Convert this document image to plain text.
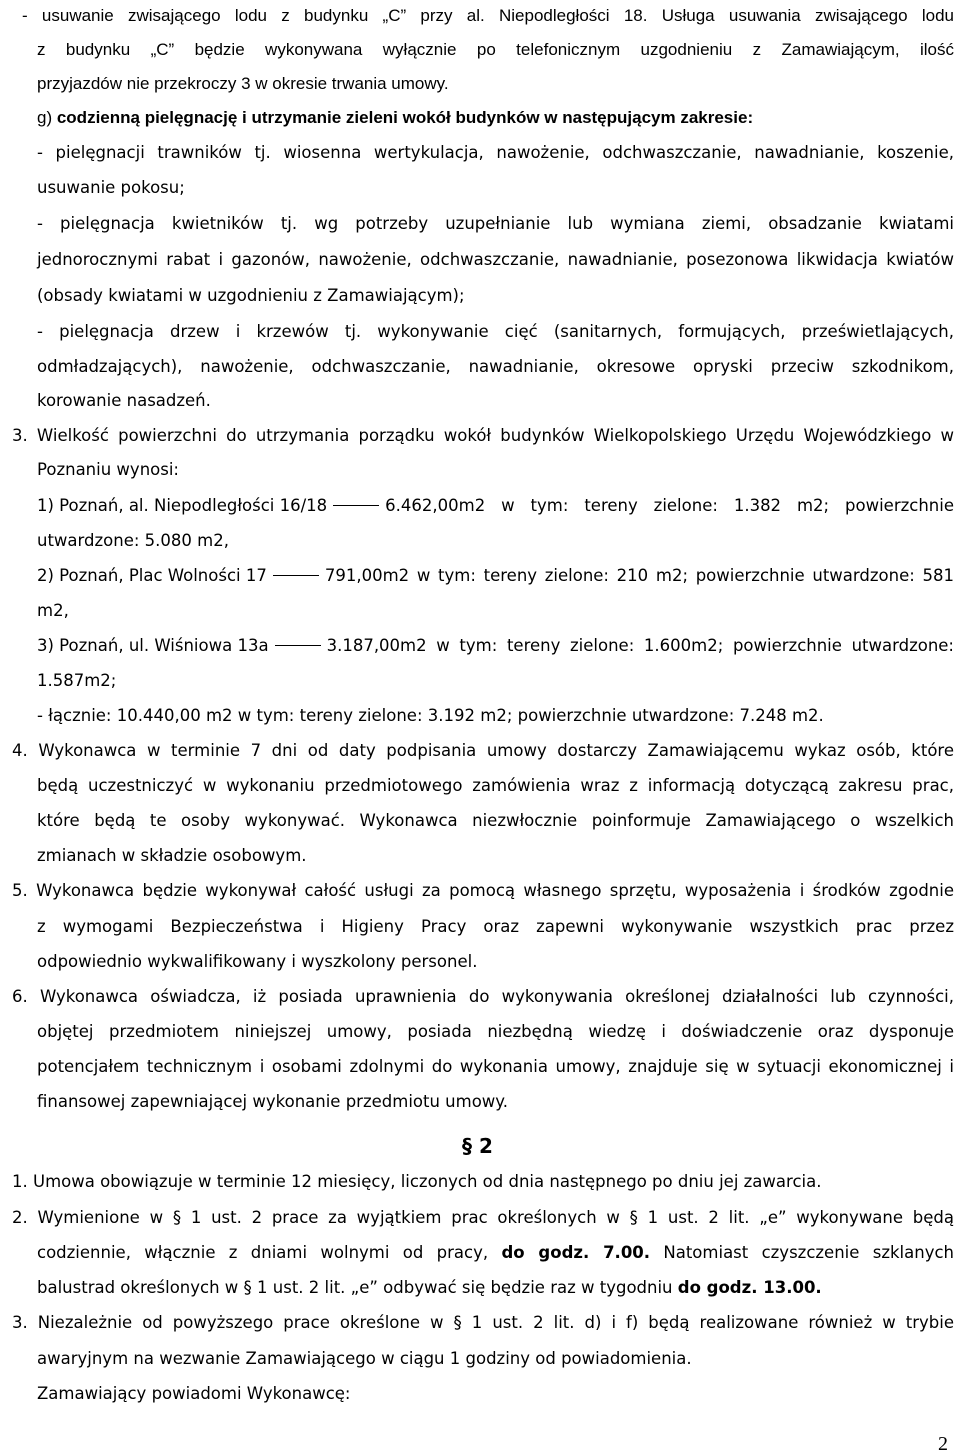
- usuwanie zwisającego lodu z budynku „C” przy al. Niepodległości 18. Usługa usuwania zwisającego lodu
z budynku „C” będzie wykonywana wyłącznie po telefonicznym uzgodnieniu z Zamawiającym, ilość
przyjazdów nie przekroczy 3 w okresie trwania umowy.
g) codzienną pielęgnację i utrzymanie zieleni wokół budynków w następującym zakresie:
- pielęgnacji trawników tj. wiosenna wertykulacja, nawożenie, odchwaszczanie, nawadnianie, koszenie,
usuwanie pokosu;
- pielęgnacja kwietników tj. wg potrzeby uzupełnianie lub wymiana ziemi, obsadzanie kwiatami
jednorocznymi rabat i gazonów, nawożenie, odchwaszczanie, nawadnianie, posezonowa likwidacja kwiatów
(obsady kwiatami w uzgodnieniu z Zamawiającym);
- pielęgnacja drzew i krzewów tj. wykonywanie cięć (sanitarnych, formujących, prześwietlających,
odmładzających), nawożenie, odchwaszczanie, nawadnianie, okresowe opryski przeciw szkodnikom,
korowanie nasadzeń.
3. Wielkość powierzchni do utrzymania porządku wokół budynków Wielkopolskiego Urzędu Wojewódzkiego w
Poznaniu wynosi:
1) Poznań, al. Niepodległości 16/18	6.462,00m2 w tym: tereny zielone: 1.382 m2; powierzchnie
utwardzone: 5.080 m2,
2) Poznań, Plac Wolności 17	791,00m2 w tym: tereny zielone: 210 m2; powierzchnie utwardzone: 581
m2,
3) Poznań, ul. Wiśniowa 13a	3.187,00m2 w tym: tereny zielone: 1.600m2; powierzchnie utwardzone:
1.587m2;
- łącznie: 10.440,00 m2 w tym: tereny zielone: 3.192 m2; powierzchnie utwardzone: 7.248 m2.
4. Wykonawca w terminie 7 dni od daty podpisania umowy dostarczy Zamawiającemu wykaz osób, które
będą uczestniczyć w wykonaniu przedmiotowego zamówienia wraz z informacją dotyczącą zakresu prac,
które będą te osoby wykonywać. Wykonawca niezwłocznie poinformuje Zamawiającego o wszelkich
zmianach w składzie osobowym.
5. Wykonawca będzie wykonywał całość usługi za pomocą własnego sprzętu, wyposażenia i środków zgodnie
z wymogami Bezpieczeństwa i Higieny Pracy oraz zapewni wykonywanie wszystkich prac przez
odpowiednio wykwalifikowany i wyszkolony personel.
6. Wykonawca oświadcza, iż posiada uprawnienia do wykonywania określonej działalności lub czynności,
objętej przedmiotem niniejszej umowy, posiada niezbędną wiedzę i doświadczenie oraz dysponuje
potencjałem technicznym i osobami zdolnymi do wykonania umowy, znajduje się w sytuacji ekonomicznej i
finansowej zapewniającej wykonanie przedmiotu umowy.
§ 2
1. Umowa obowiązuje w terminie 12 miesięcy, liczonych od dnia następnego po dniu jej zawarcia.
2. Wymienione w § 1 ust. 2 prace za wyjątkiem prac określonych w § 1 ust. 2 lit. „e” wykonywane będą
codziennie, włącznie z dniami wolnymi od pracy, do godz. 7.00. Natomiast czyszczenie szklanych
balustrad określonych w § 1 ust. 2 lit. „e” odbywać się będzie raz w tygodniu do godz. 13.00.
3. Niezależnie od powyższego prace określone w § 1 ust. 2 lit. d) i f) będą realizowane również w trybie
awaryjnym na wezwanie Zamawiającego w ciągu 1 godziny od powiadomienia.
Zamawiający powiadomi Wykonawcę:
2
